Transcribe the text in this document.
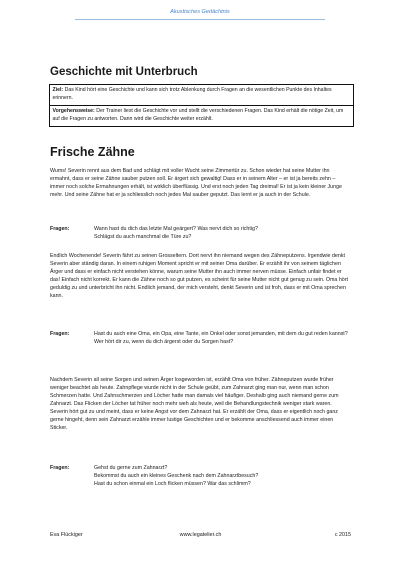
Akustisches Gedächtnis
Geschichte mit Unterbruch
Ziel: Das Kind hört eine Geschichte und kann sich trotz Ablenkung durch Fragen an die wesentlichen Punkte des Inhaltes erinnern.
Vorgehensweise: Der Trainer liest die Geschichte vor und stellt die verschiedenen Fragen. Das Kind erhält die nötige Zeit, um auf die Fragen zu antworten. Dann wird die Geschichte weiter erzählt.
Frische Zähne
Wums! Severin rennt aus dem Bad und schlägt mit voller Wucht seine Zimmertür zu. Schon wieder hat seine Mutter ihn ermahnt, dass er seine Zähne sauber putzen soll. Er ärgert sich gewaltig! Dass er in seinem Alter – er ist ja bereits zehn – immer noch solche Ermahnungen erhält, ist wirklich überflüssig. Und erst noch jeden Tag dreimal! Er ist ja kein kleiner Junge mehr. Und seine Zähne hat er ja schliesslich noch jedes Mal sauber geputzt. Das lernt er ja auch in der Schule.
Fragen:	Wann hast du dich das letzte Mal geärgert? Was nervt dich so richtig?
Schlägst du auch manchmal die Türe zu?
Endlich Wochenende! Severin fährt zu seinen Grosseltern. Dort nervt ihn niemand wegen des Zähneputzens. Irgendwie denkt Severin aber ständig daran. In einem ruhigen Moment spricht er mit seiner Oma darüber. Er erzählt ihr von seinem täglichen Ärger und dass er einfach nicht verstehen könne, warum seine Mutter ihn auch immer nerven müsse. Einfach unfair findet er das! Einfach nicht korrekt. Er kann die Zähne noch so gut putzen, es scheint für seine Mutter nicht gut genug zu sein. Oma hört geduldig zu und unterbricht ihn nicht. Endlich jemand, der mich versteht, denkt Severin und ist froh, dass er mit Oma sprechen kann.
Fragen:	Hast du auch eine Oma, ein Opa, eine Tante, ein Onkel oder sonst jemanden, mit dem du gut reden kannst?
Wer hört dir zu, wenn du dich ärgerst oder du Sorgen hast?
Nachdem Severin all seine Sorgen und seinen Ärger losgeworden ist, erzählt Oma von früher. Zähneputzen wurde früher weniger beachtet als heute. Zahnpflege wurde nicht in der Schule geübt, zum Zahnarzt ging man nur, wenn man schon Schmerzen hatte. Und Zahnschmerzen und Löcher hatte man damals viel häufiger. Deshalb ging auch niemand gerne zum Zahnarzt. Das Flicken der Löcher tat früher noch mehr weh als heute, weil die Behandlungstechnik weniger stark waren. Severin hört gut zu und meint, dass er keine Angst vor dem Zahnarzt hat. Er erzählt der Oma, dass er eigentlich noch ganz gerne hingeht, denn sein Zahnarzt erzähle immer lustige Geschichten und er bekomme anschliessend auch immer einen Sticker.
Fragen:	Gehst du gerne zum Zahnarzt?
Bekommst du auch ein kleines Geschenk nach dem Zahnarztbesuch?
Hast du schon einmal ein Loch flicken müssen? War das schlimm?
Eva Flückiger	www.legatelier.ch	c 2015
